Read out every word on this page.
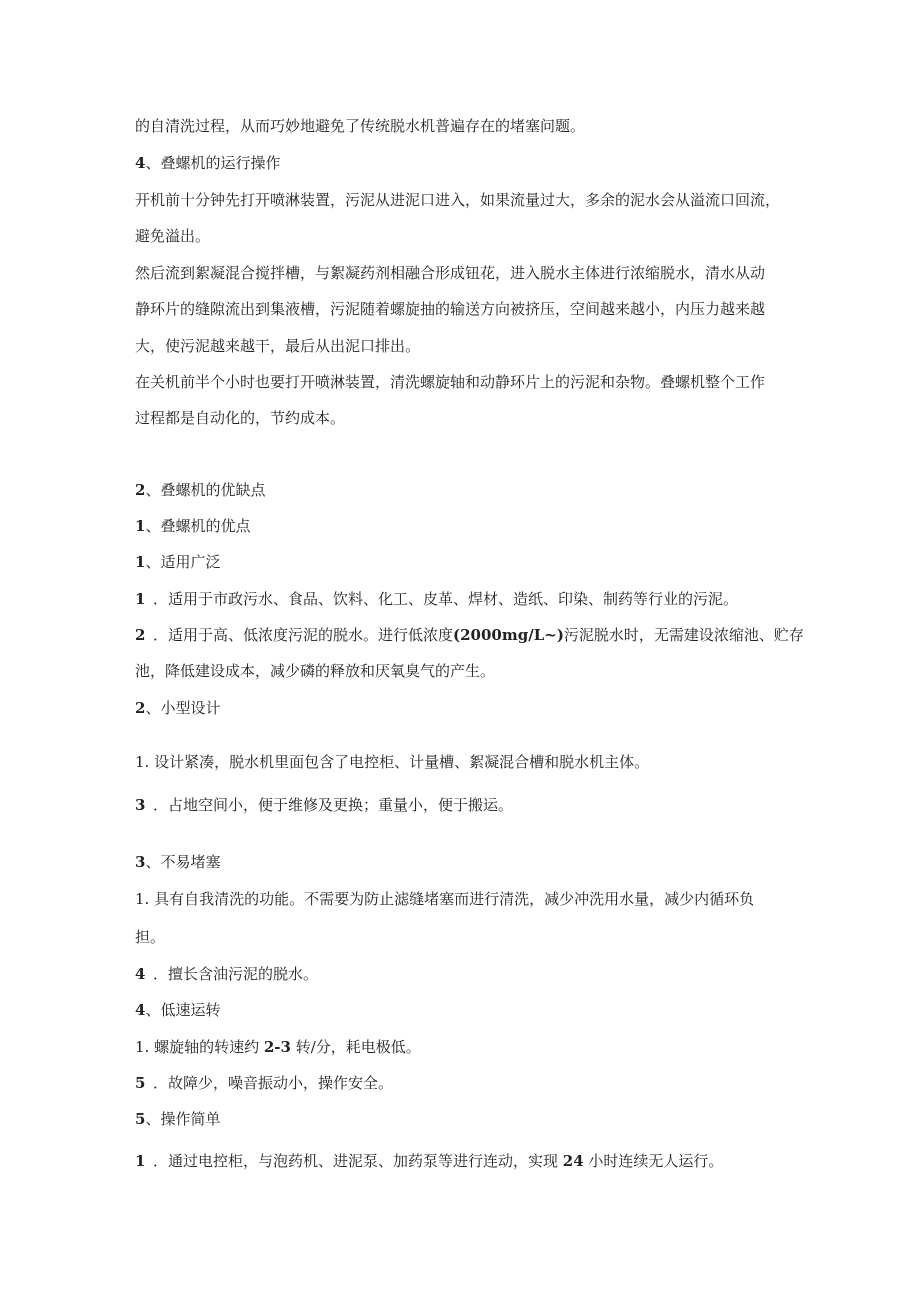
的自清洗过程，从而巧妙地避免了传统脱水机普遍存在的堵塞问题。
4、叠螺机的运行操作
开机前十分钟先打开喷淋装置，污泥从进泥口进入，如果流量过大，多余的泥水会从溢流口回流，
避免溢出。
然后流到絮凝混合搅拌槽，与絮凝药剂相融合形成钮花，进入脱水主体进行浓缩脱水，清水从动
静环片的缝隙流出到集液槽，污泥随着螺旋抽的输送方向被挤压，空间越来越小，内压力越来越
大，使污泥越来越干，最后从出泥口排出。
在关机前半个小时也要打开喷淋装置，清洗螺旋轴和动静环片上的污泥和杂物。叠螺机整个工作
过程都是自动化的，节约成本。
2、叠螺机的优缺点
1、叠螺机的优点
1、适用广泛
1 ．适用于市政污水、食品、饮料、化工、皮革、焊材、造纸、印染、制药等行业的污泥。
2 ．适用于高、低浓度污泥的脱水。进行低浓度(2000mg/L~)污泥脱水时，无需建设浓缩池、贮存
池，降低建设成本，减少磷的释放和厌氧臭气的产生。
2、小型设计
1. 设计紧凑，脱水机里面包含了电控柜、计量槽、絮凝混合槽和脱水机主体。
3 ．占地空间小，便于维修及更换；重量小，便于搬运。
3、不易堵塞
1. 具有自我清洗的功能。不需要为防止滤缝堵塞而进行清洗，减少冲洗用水量，减少内循环负
担。
4 ．擅长含油污泥的脱水。
4、低速运转
1. 螺旋轴的转速约 2-3 转/分，耗电极低。
5 ．故障少，噪音振动小，操作安全。
5、操作简单
1 ．通过电控柜，与泡药机、进泥泵、加药泵等进行连动，实现 24 小时连续无人运行。
